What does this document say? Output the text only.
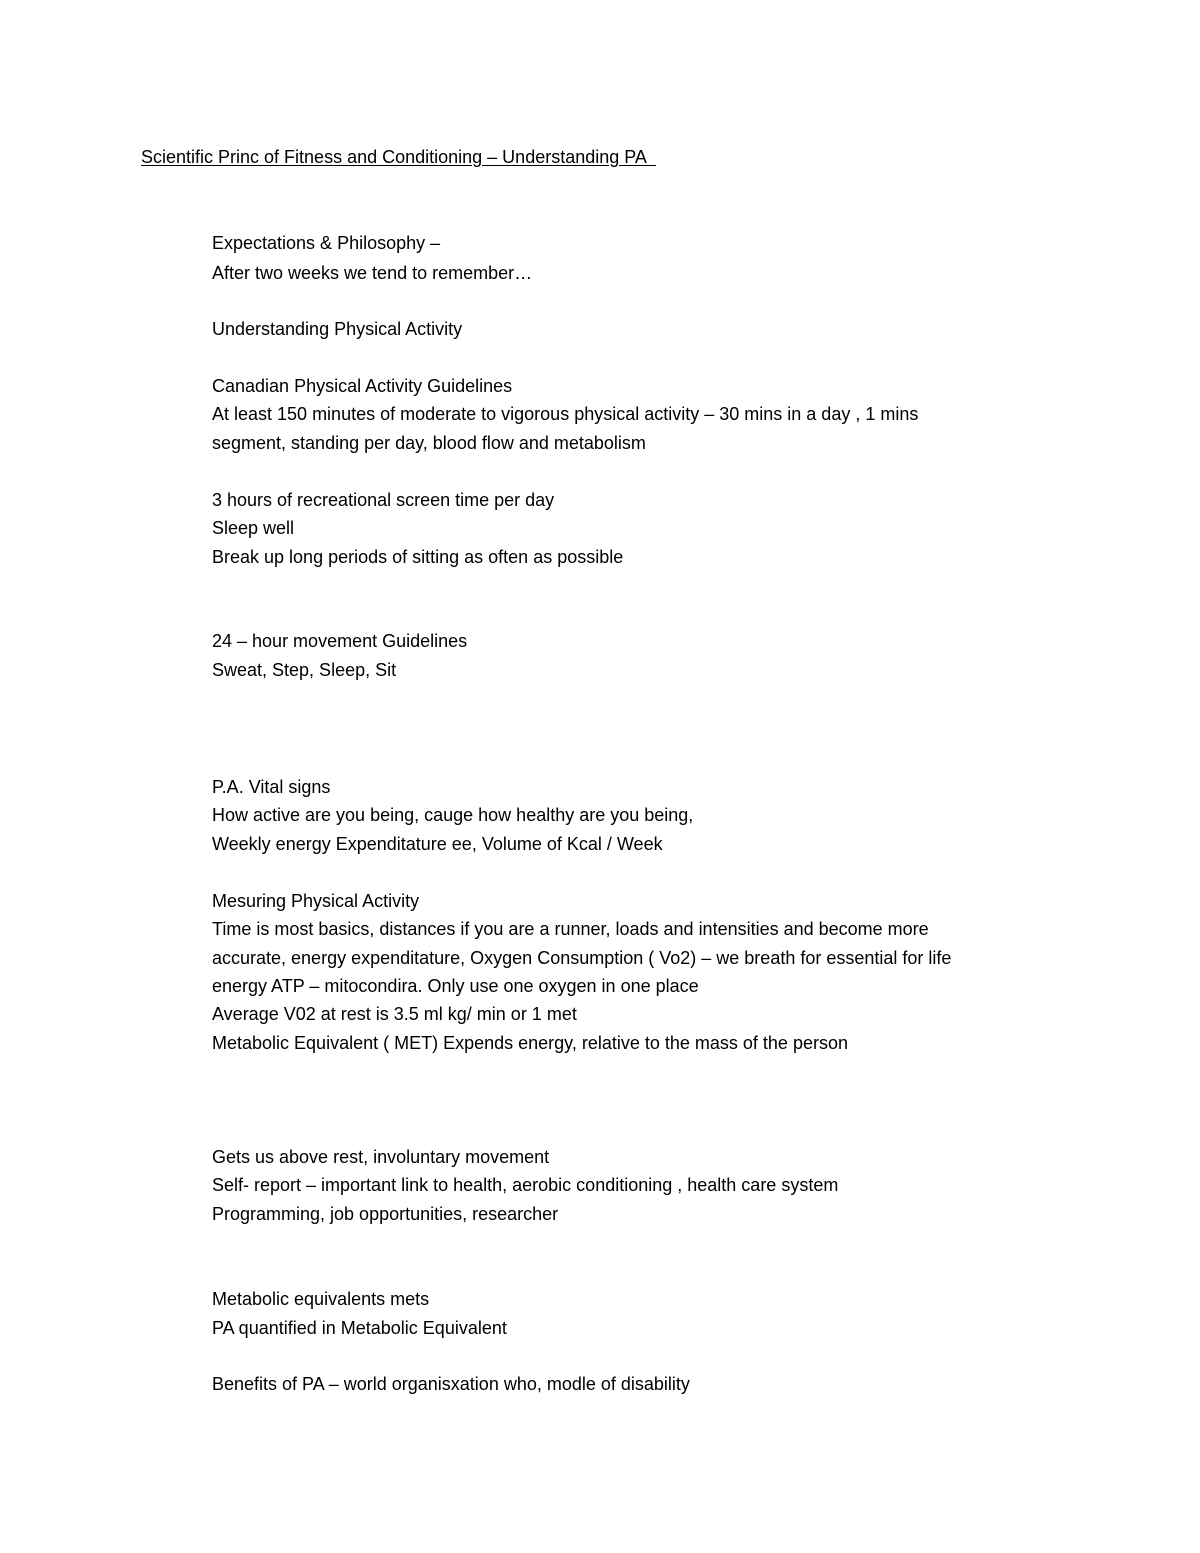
Scientific Princ of Fitness and Conditioning – Understanding PA
Expectations & Philosophy –
After two weeks we tend to remember…
Understanding Physical Activity
Canadian Physical Activity Guidelines
At least 150 minutes of moderate to vigorous physical activity – 30 mins in a day , 1 mins
segment, standing per day, blood flow and metabolism
3 hours of recreational screen time per day
Sleep well
Break up long periods of sitting as often as possible
24 – hour movement Guidelines
Sweat, Step, Sleep, Sit
P.A. Vital signs
How active are you being, cauge how healthy are you being,
Weekly energy Expenditature ee, Volume of Kcal / Week
Mesuring Physical Activity
Time is most basics, distances if you are a runner, loads and intensities and become more
accurate, energy expenditature, Oxygen Consumption ( Vo2) – we breath for essential for life
energy ATP – mitocondira. Only use one oxygen in one place
Average V02 at rest is 3.5 ml kg/ min or 1 met
Metabolic Equivalent ( MET) Expends energy, relative to the mass of the person
Gets us above rest, involuntary movement
Self- report – important link to health, aerobic conditioning , health care system
Programming, job opportunities, researcher
Metabolic equivalents mets
PA quantified in Metabolic Equivalent
Benefits of PA – world organisxation who, modle of disability
